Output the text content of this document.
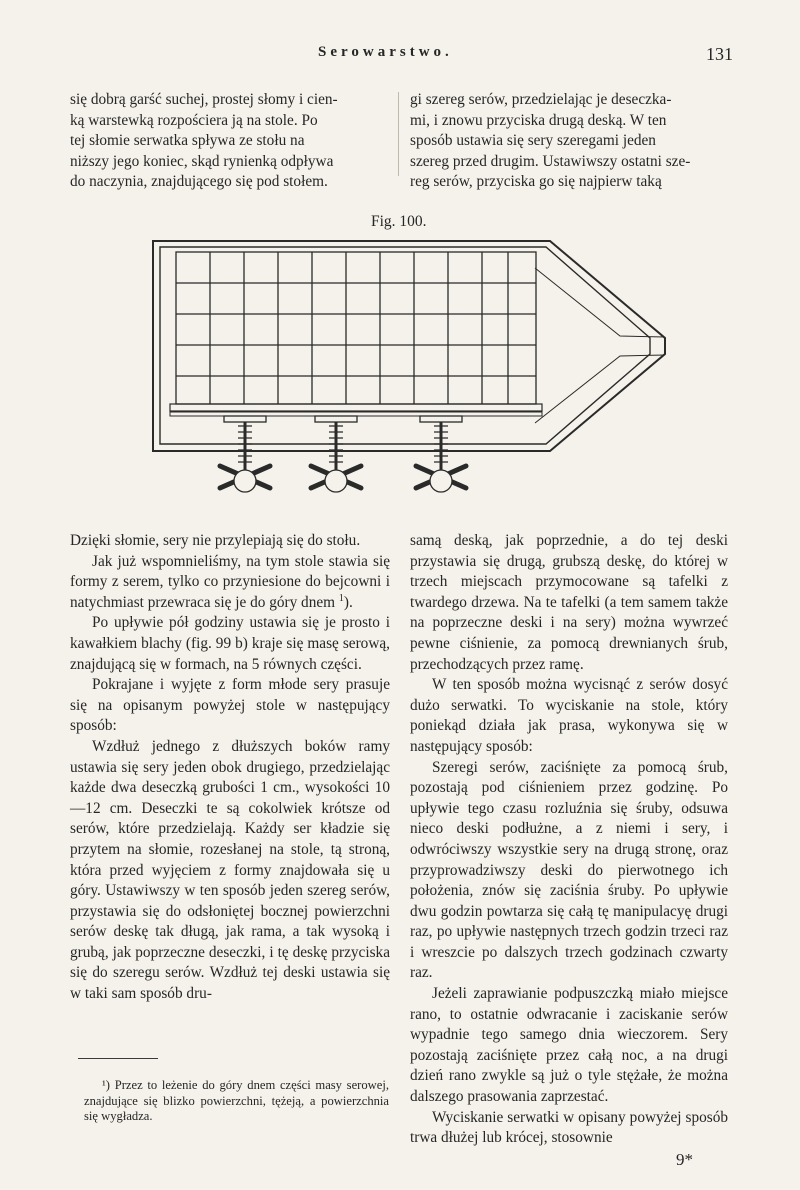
Serowarstwo.	131
się dobrą garść suchej, prostej słomy i cien-
ką warstewką rozpościera ją na stole. Po
tej słomie serwatka spływa ze stołu na
niższy jego koniec, skąd rynienką odpływa
do naczynia, znajdującego się pod stołem.
gi szereg serów, przedzielając je deseczka-
mi, i znowu przyciska drugą deską. W ten
sposób ustawia się sery szeregami jeden
szereg przed drugim. Ustawiwszy ostatni sze-
reg serów, przyciska go się najpierw taką
Fig. 100.

Dzięki słomie, sery nie przylepiają się do stołu.

Jak już wspomnieliśmy, na tym stole stawia się formy z serem, tylko co przyniesione do bejcowni i natychmiast przewraca się je do góry dnem $^1$).

Po upływie pół godziny ustawia się je prosto i kawałkiem blachy (fig. 99 b) kraje się masę serową, znajdującą się w formach, na 5 równych części.

Pokrajane i wyjęte z form młode sery prasuje się na opisanym powyżej stole w następujący sposób:

Wzdłuż jednego z dłuższych boków ramy ustawia się sery jeden obok drugiego, przedzielając każde dwa deseczką grubości 1 cm., wysokości 10—12 cm. Deseczki te są cokolwiek krótsze od serów, które przedzielają. Każdy ser kładzie się przytem na słomie, rozesłanej na stole, tą stroną, która przed wyjęciem z formy znajdowała się u góry. Ustawiwszy w ten sposób jeden szereg serów, przystawia się do odsłoniętej bocznej powierzchni serów deskę tak długą, jak rama, a tak wysoką i grubą, jak poprzeczne deseczki, i tę deskę przyciska się do szeregu serów. Wzdłuż tej deski ustawia się w taki sam sposób dru-

samą deską, jak poprzednie, a do tej deski przystawia się drugą, grubszą deskę, do której w trzech miejscach przymocowane są tafelki z twardego drzewa. Na te tafelki (a tem samem także na poprzeczne deski i na sery) można wywrzeć pewne ciśnienie, za pomocą drewnianych śrub, przechodzących przez ramę.

W ten sposób można wycisnąć z serów dosyć dużo serwatki. To wyciskanie na stole, który poniekąd działa jak prasa, wykonywa się w następujący sposób:

Szeregi serów, zaciśnięte za pomocą śrub, pozostają pod ciśnieniem przez godzinę. Po upływie tego czasu rozluźnia się śruby, odsuwa nieco deski podłużne, a z niemi i sery, i odwróciwszy wszystkie sery na drugą stronę, oraz przyprowadziwszy deski do pierwotnego ich położenia, znów się zaciśnia śruby. Po upływie dwu godzin powtarza się całą tę manipulacyę drugi raz, po upływie następnych trzech godzin trzeci raz i wreszcie po dalszych trzech godzinach czwarty raz.

Jeżeli zaprawianie podpuszczką miało miejsce rano, to ostatnie odwracanie i zaciskanie serów wypadnie tego samego dnia wieczorem. Sery pozostają zaciśnięte przez całą noc, a na drugi dzień rano zwykle są już o tyle stężałe, że można dalszego prasowania zaprzestać.

Wyciskanie serwatki w opisany powyżej sposób trwa dłużej lub krócej, stosownie

¹) Przez to leżenie do góry dnem części masy serowej, znajdujące się blizko powierzchni, tężeją, a powierzchnia się wygładza.

9*
